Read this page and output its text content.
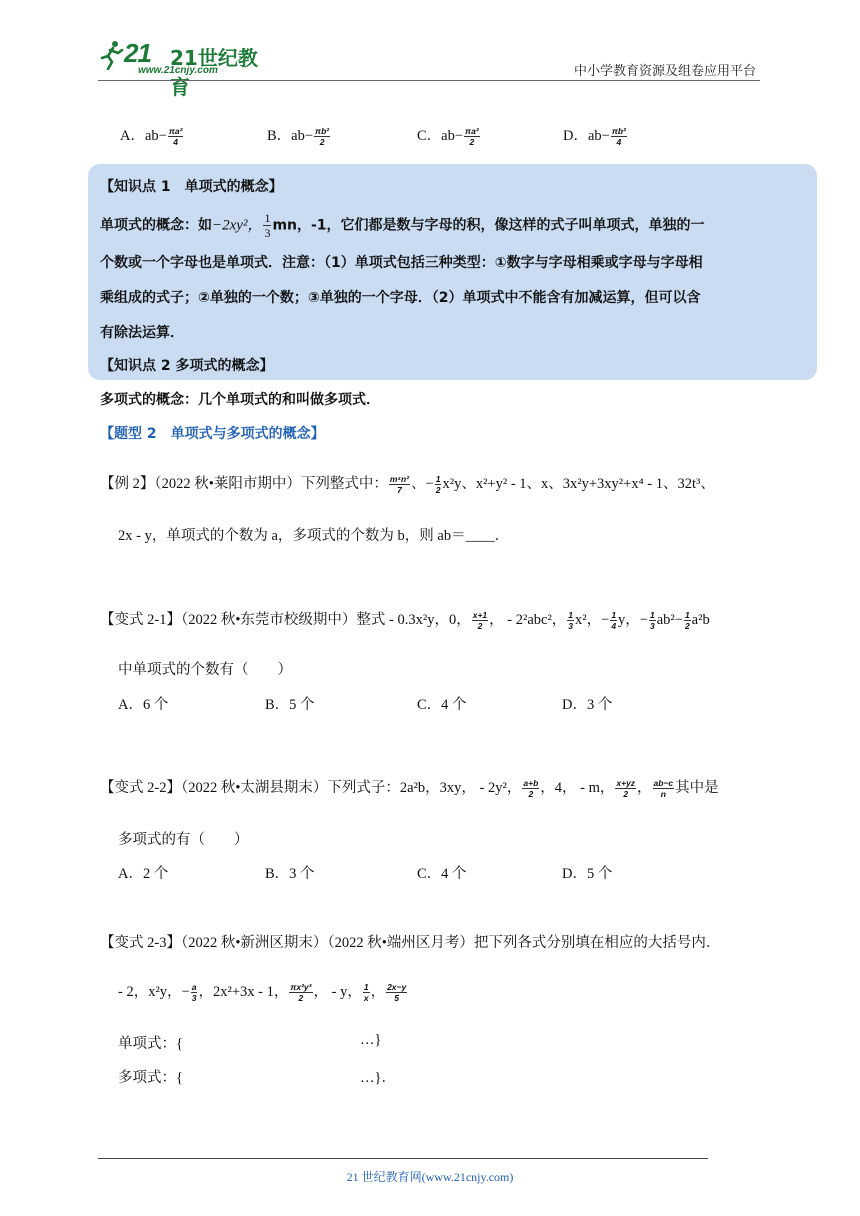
21 21世纪教育
www.21cnjy.com	中小学教育资源及组卷应用平台
A．$ab- \frac{\text{πa²}}{4}$	B．$ab- \frac{\text{πb²}}{2}$	C．$ab- \frac{\text{πa²}}{2}$	D．$ab- \frac{\text{πb²}}{4}$
【知识点 1　单项式的概念】
单项式的概念：如−2xy²， $\frac{1}{3}$ mn，-1，它们都是数与字母的积，像这样的式子叫单项式，单独的一
个数或一个字母也是单项式．注意：（1）单项式包括三种类型：①数字与字母相乘或字母与字母相
乘组成的式子；②单独的一个数；③单独的一个字母．（2）单项式中不能含有加减运算，但可以含
有除法运算．
【知识点 2 多项式的概念】
多项式的概念：几个单项式的和叫做多项式．
【题型 2　单项式与多项式的概念】
【例 2】（2022 秋•莱阳市期中）下列整式中： $\frac{\text{m⁴n²}}{7}$ 、− $\frac{1}{2} x^2y$、x²+y² - 1、x、3x²y+3xy²+x⁴ - 1、32t³、
2x - y，单项式的个数为 a，多项式的个数为 b，则 ab＝____．
【变式 2-1】（2022 秋•东莞市校级期中）整式 - 0.3x²y，0， $\frac{x+1}{2}$ ， - 2²abc²， $\frac{1}{3} x^2$，− $\frac{1}{4}$ y，− $\frac{1}{3} ab^2- \frac{1}{2} a^2b$
中单项式的个数有（　　）
A．6 个	B．5 个	C．4 个	D．3 个
【变式 2-2】（2022 秋•太湖县期末）下列式子：2a²b，3xy， - 2y²， $\frac{a+b}{2}$ ，4， - m， $\frac{x+yz}{2}$ ， $\frac{ab-c}{n}$ 其中是
多项式的有（　　）
A．2 个	B．3 个	C．4 个	D．5 个
【变式 2-3】（2022 秋•新洲区期末）（2022 秋•端州区月考）把下列各式分别填在相应的大括号内．
- 2，x²y，− $\frac{a}{3}$ ，2x²+3x - 1， $\frac{\text{πx²y³}}{2}$ ， - y， $\frac{1}{x}$ ， $\frac{2x-y}{5}$
单项式：{	…}
多项式：{	…}．
21 世纪教育网(www.21cnjy.com)
